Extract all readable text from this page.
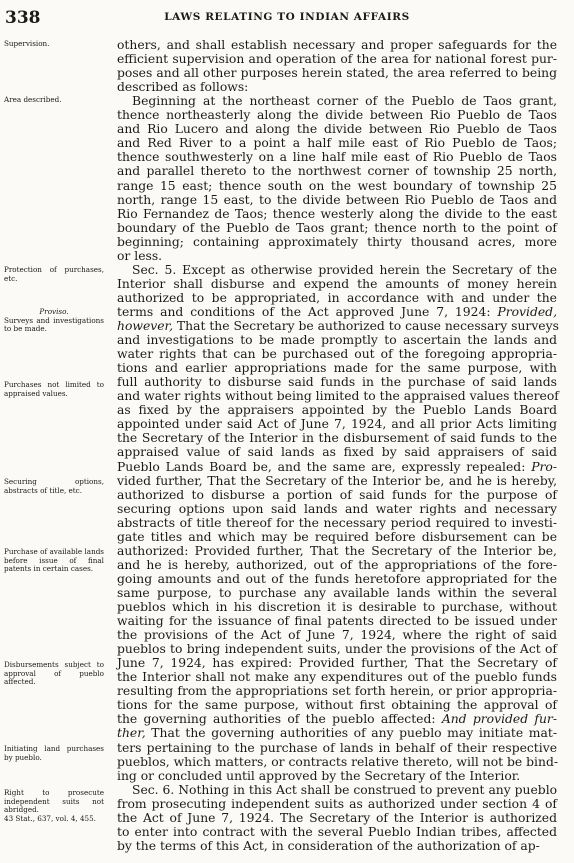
338	LAWS RELATING TO INDIAN AFFAIRS
Supervision.
Area described.
Protection of purchases, etc.
Proviso.
Surveys and investigations to be made.
Purchases not limited to appraised values.
Securing options, abstracts of title, etc.
Purchase of available lands before issue of final patents in certain cases.
Disbursements subject to approval of pueblo affected.
Initiating land purchases by pueblo.
Right to prosecute independent suits not abridged.
43 Stat., 637, vol. 4, 455.
others, and shall establish necessary and proper safeguards for the
efficient supervision and operation of the area for national forest pur-
poses and all other purposes herein stated, the area referred to being
described as follows:
Beginning at the northeast corner of the Pueblo de Taos grant,
thence northeasterly along the divide between Rio Pueblo de Taos
and Rio Lucero and along the divide between Rio Pueblo de Taos
and Red River to a point a half mile east of Rio Pueblo de Taos;
thence southwesterly on a line half mile east of Rio Pueblo de Taos
and parallel thereto to the northwest corner of township 25 north,
range 15 east; thence south on the west boundary of township 25
north, range 15 east, to the divide between Rio Pueblo de Taos and
Rio Fernandez de Taos; thence westerly along the divide to the east
boundary of the Pueblo de Taos grant; thence north to the point of
beginning; containing approximately thirty thousand acres, more
or less.
Sec. 5. Except as otherwise provided herein the Secretary of the
Interior shall disburse and expend the amounts of money herein
authorized to be appropriated, in accordance with and under the
terms and conditions of the Act approved June 7, 1924: Provided,
however, That the Secretary be authorized to cause necessary surveys
and investigations to be made promptly to ascertain the lands and
water rights that can be purchased out of the foregoing appropria-
tions and earlier appropriations made for the same purpose, with
full authority to disburse said funds in the purchase of said lands
and water rights without being limited to the appraised values thereof
as fixed by the appraisers appointed by the Pueblo Lands Board
appointed under said Act of June 7, 1924, and all prior Acts limiting
the Secretary of the Interior in the disbursement of said funds to the
appraised value of said lands as fixed by said appraisers of said
Pueblo Lands Board be, and the same are, expressly repealed: Pro-
vided further, That the Secretary of the Interior be, and he is hereby,
authorized to disburse a portion of said funds for the purpose of
securing options upon said lands and water rights and necessary
abstracts of title thereof for the necessary period required to investi-
gate titles and which may be required before disbursement can be
authorized: Provided further, That the Secretary of the Interior be,
and he is hereby, authorized, out of the appropriations of the fore-
going amounts and out of the funds heretofore appropriated for the
same purpose, to purchase any available lands within the several
pueblos which in his discretion it is desirable to purchase, without
waiting for the issuance of final patents directed to be issued under
the provisions of the Act of June 7, 1924, where the right of said
pueblos to bring independent suits, under the provisions of the Act of
June 7, 1924, has expired: Provided further, That the Secretary of
the Interior shall not make any expenditures out of the pueblo funds
resulting from the appropriations set forth herein, or prior appropria-
tions for the same purpose, without first obtaining the approval of
the governing authorities of the pueblo affected: And provided fur-
ther, That the governing authorities of any pueblo may initiate mat-
ters pertaining to the purchase of lands in behalf of their respective
pueblos, which matters, or contracts relative thereto, will not be bind-
ing or concluded until approved by the Secretary of the Interior.
Sec. 6. Nothing in this Act shall be construed to prevent any pueblo
from prosecuting independent suits as authorized under section 4 of
the Act of June 7, 1924. The Secretary of the Interior is authorized
to enter into contract with the several Pueblo Indian tribes, affected
by the terms of this Act, in consideration of the authorization of ap-
